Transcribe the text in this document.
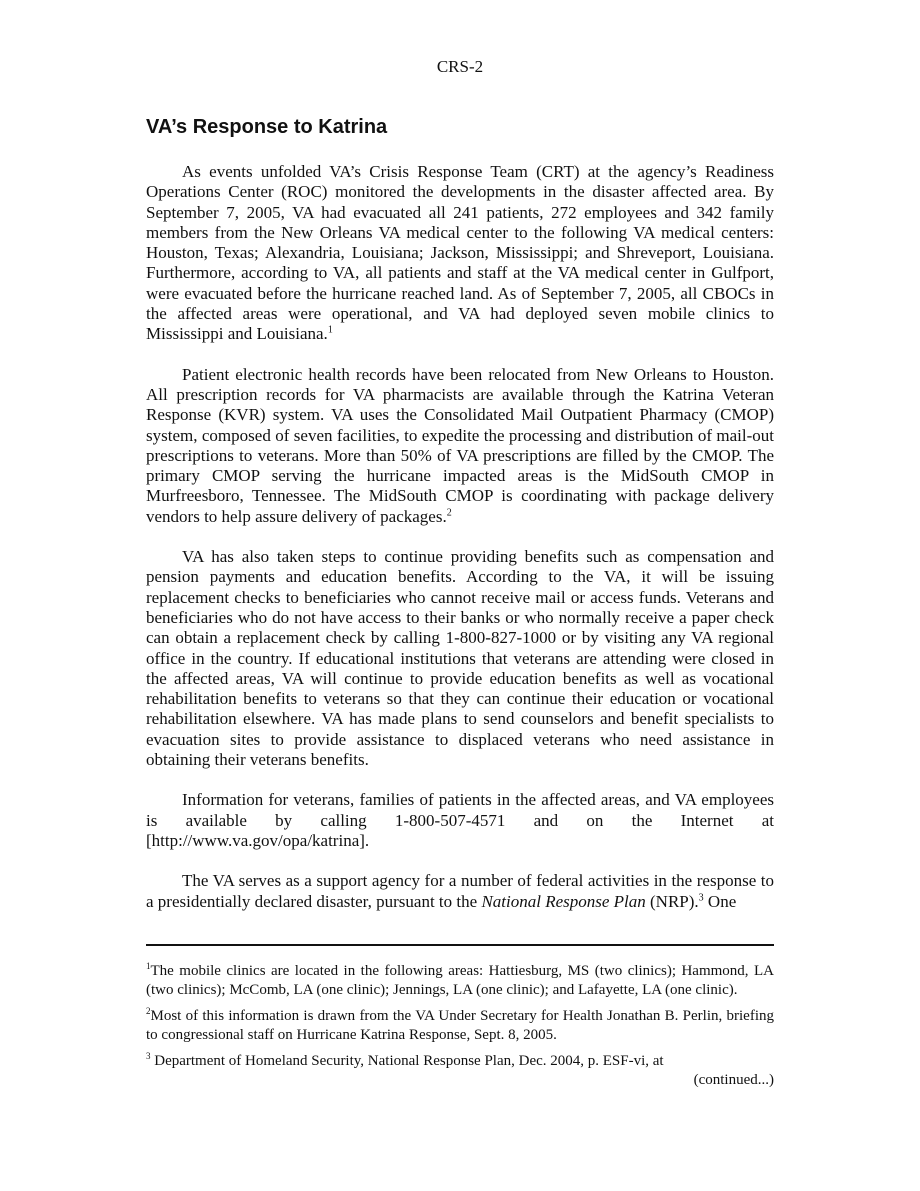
CRS-2
VA’s Response to Katrina

As events unfolded VA’s Crisis Response Team (CRT) at the agency’s Readiness Operations Center (ROC) monitored the developments in the disaster affected area. By September 7, 2005, VA had evacuated all 241 patients, 272 employees and 342 family members from the New Orleans VA medical center to the following VA medical centers: Houston, Texas; Alexandria, Louisiana; Jackson, Mississippi; and Shreveport, Louisiana. Furthermore, according to VA, all patients and staff at the VA medical center in Gulfport, were evacuated before the hurricane reached land. As of September 7, 2005, all CBOCs in the affected areas were operational, and VA had deployed seven mobile clinics to Mississippi and Louisiana.$^1$

Patient electronic health records have been relocated from New Orleans to Houston. All prescription records for VA pharmacists are available through the Katrina Veteran Response (KVR) system. VA uses the Consolidated Mail Outpatient Pharmacy (CMOP) system, composed of seven facilities, to expedite the processing and distribution of mail-out prescriptions to veterans. More than 50% of VA prescriptions are filled by the CMOP. The primary CMOP serving the hurricane impacted areas is the MidSouth CMOP in Murfreesboro, Tennessee. The MidSouth CMOP is coordinating with package delivery vendors to help assure delivery of packages.$^2$

VA has also taken steps to continue providing benefits such as compensation and pension payments and education benefits. According to the VA, it will be issuing replacement checks to beneficiaries who cannot receive mail or access funds. Veterans and beneficiaries who do not have access to their banks or who normally receive a paper check can obtain a replacement check by calling 1-800-827-1000 or by visiting any VA regional office in the country. If educational institutions that veterans are attending were closed in the affected areas, VA will continue to provide education benefits as well as vocational rehabilitation benefits to veterans so that they can continue their education or vocational rehabilitation elsewhere. VA has made plans to send counselors and benefit specialists to evacuation sites to provide assistance to displaced veterans who need assistance in obtaining their veterans benefits.

Information for veterans, families of patients in the affected areas, and VA employees is available by calling 1-800-507-4571 and on the Internet at [http://www.va.gov/opa/katrina].

The VA serves as a support agency for a number of federal activities in the response to a presidentially declared disaster, pursuant to the National Response Plan (NRP).$^3$ One

$^1$The mobile clinics are located in the following areas: Hattiesburg, MS (two clinics); Hammond, LA (two clinics); McComb, LA (one clinic); Jennings, LA (one clinic); and Lafayette, LA (one clinic).

$^2$Most of this information is drawn from the VA Under Secretary for Health Jonathan B. Perlin, briefing to congressional staff on Hurricane Katrina Response, Sept. 8, 2005.

$^3$ Department of Homeland Security, National Response Plan, Dec. 2004, p. ESF-vi, at

(continued...)
